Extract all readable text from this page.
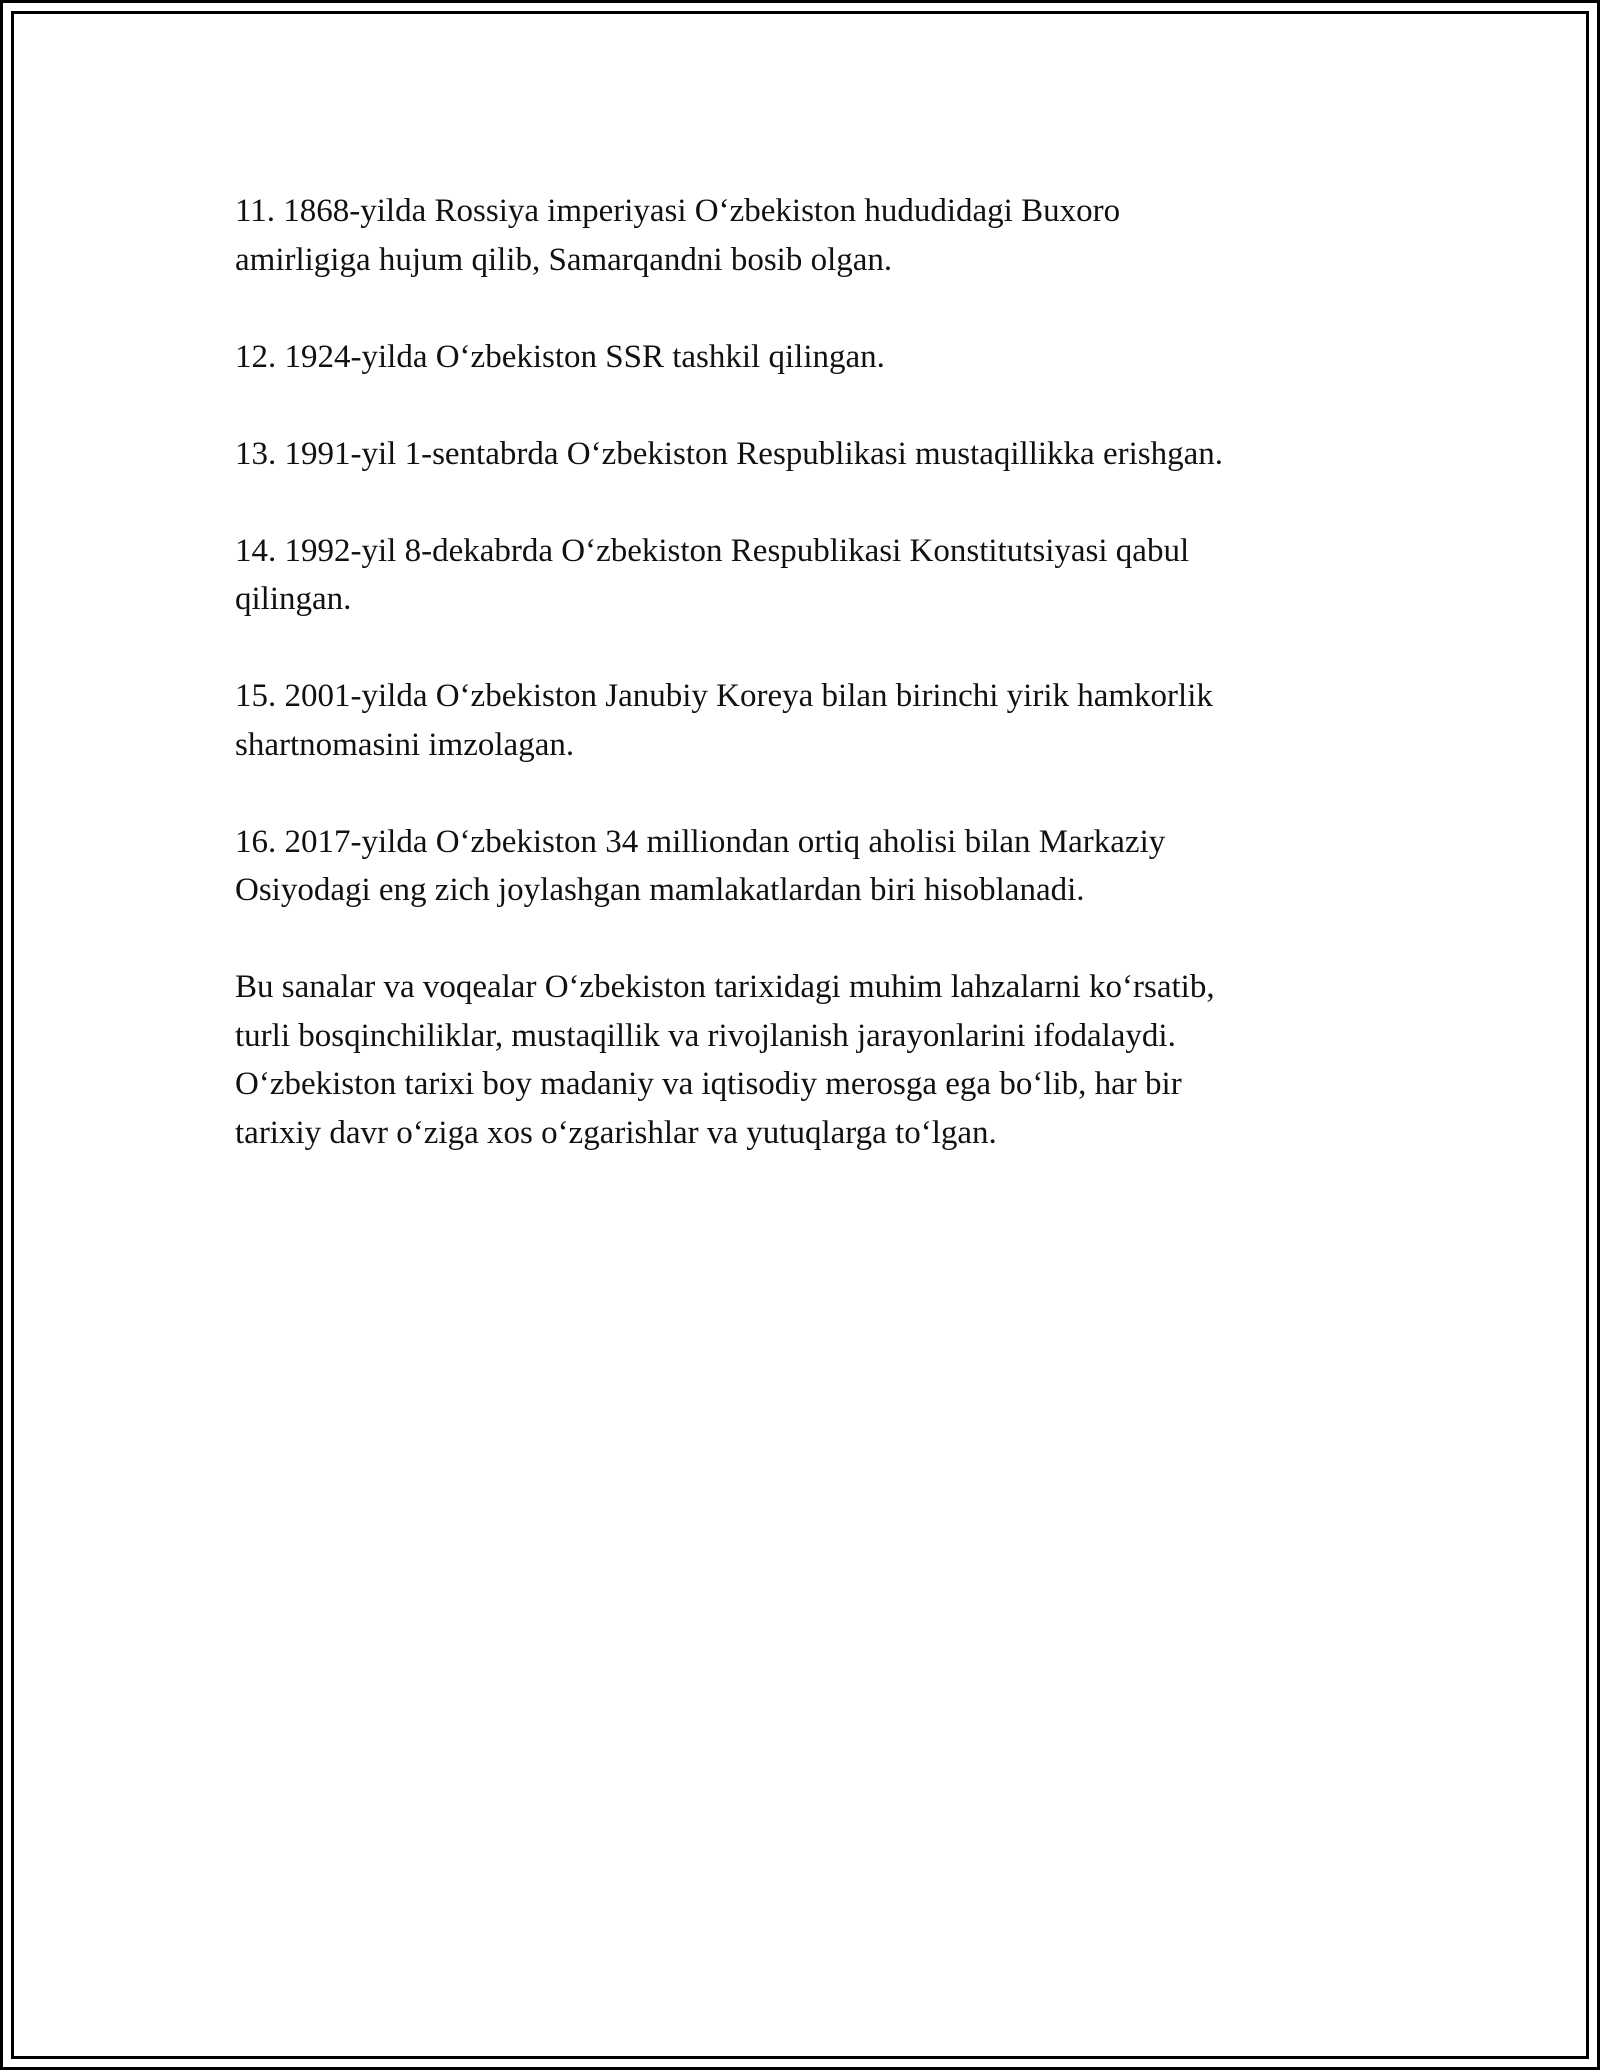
11. 1868-yilda Rossiya imperiyasi O‘zbekiston hududidagi Buxoro
amirligiga hujum qilib, Samarqandni bosib olgan.

12. 1924-yilda O‘zbekiston SSR tashkil qilingan.

13. 1991-yil 1-sentabrda O‘zbekiston Respublikasi mustaqillikka erishgan.

14. 1992-yil 8-dekabrda O‘zbekiston Respublikasi Konstitutsiyasi qabul
qilingan.

15. 2001-yilda O‘zbekiston Janubiy Koreya bilan birinchi yirik hamkorlik
shartnomasini imzolagan.

16. 2017-yilda O‘zbekiston 34 milliondan ortiq aholisi bilan Markaziy
Osiyodagi eng zich joylashgan mamlakatlardan biri hisoblanadi.

Bu sanalar va voqealar O‘zbekiston tarixidagi muhim lahzalarni ko‘rsatib,
turli bosqinchiliklar, mustaqillik va rivojlanish jarayonlarini ifodalaydi.
O‘zbekiston tarixi boy madaniy va iqtisodiy merosga ega bo‘lib, har bir
tarixiy davr o‘ziga xos o‘zgarishlar va yutuqlarga to‘lgan.
